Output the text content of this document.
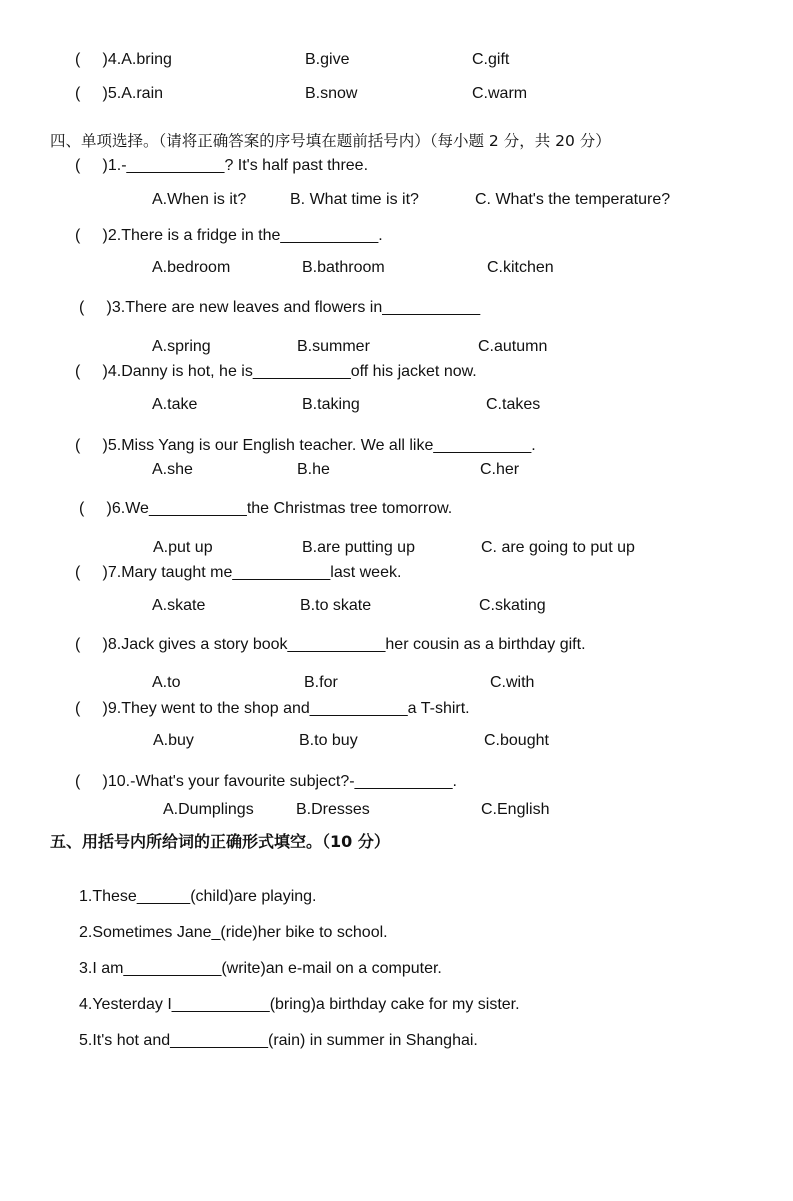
(     )4.A.bring	B.give	C.gift
(     )5.A.rain	B.snow	C.warm
四、单项选择。（请将正确答案的序号填在题前括号内）（每小题 2 分，共 20 分）
(     )1.-___________? It's half past three.
A.When is it?	B. What time is it?	C. What's the temperature?
(     )2.There is a fridge in the___________.
A.bedroom	B.bathroom	C.kitchen
(     )3.There are new leaves and flowers in___________
A.spring	B.summer	C.autumn
(     )4.Danny is hot, he is___________off his jacket now.
A.take	B.taking	C.takes
(     )5.Miss Yang is our English teacher. We all like___________.
A.she	B.he	C.her
(     )6.We___________the Christmas tree tomorrow.
A.put up	B.are putting up	C. are going to put up
(     )7.Mary taught me___________last week.
A.skate	B.to skate	C.skating
(     )8.Jack gives a story book___________her cousin as a birthday gift.
A.to	B.for	C.with
(     )9.They went to the shop and___________a T-shirt.
A.buy	B.to buy	C.bought
(     )10.-What's your favourite subject?-___________.
A.Dumplings	B.Dresses	C.English
五、用括号内所给词的正确形式填空。（10 分）
1.These______(child)are playing.
2.Sometimes Jane_(ride)her bike to school.
3.I am___________(write)an e-mail on a computer.
4.Yesterday I___________(bring)a birthday cake for my sister.
5.It's hot and___________(rain) in summer in Shanghai.
